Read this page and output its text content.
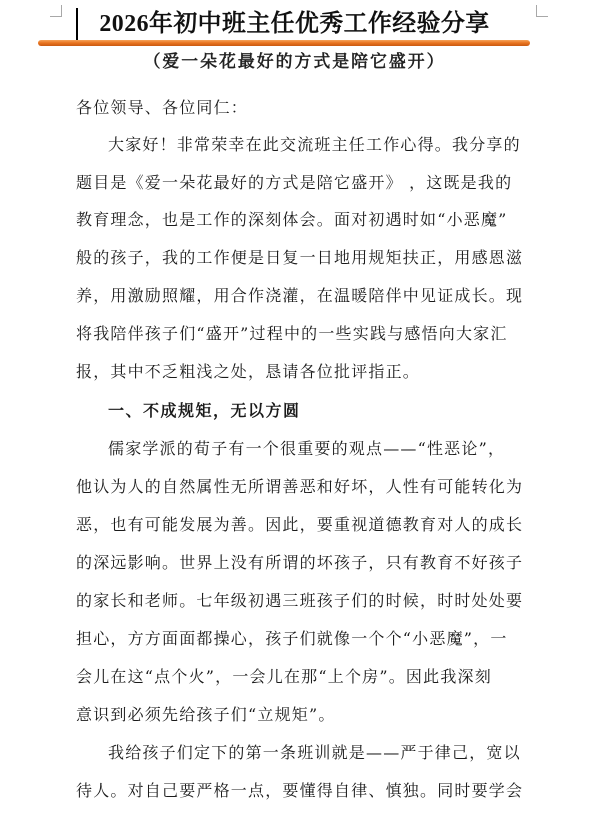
2026年初中班主任优秀工作经验分享
（爱一朵花最好的方式是陪它盛开）
各位领导、各位同仁：
大家好！非常荣幸在此交流班主任工作心得。我分享的
题目是《爱一朵花最好的方式是陪它盛开》 ，这既是我的
教育理念，也是工作的深刻体会。面对初遇时如“小恶魔”
般的孩子，我的工作便是日复一日地用规矩扶正，用感恩滋
养，用激励照耀，用合作浇灌，在温暖陪伴中见证成长。现
将我陪伴孩子们“盛开”过程中的一些实践与感悟向大家汇
报，其中不乏粗浅之处，恳请各位批评指正。
一、不成规矩，无以方圆
儒家学派的荀子有一个很重要的观点——“性恶论”，
他认为人的自然属性无所谓善恶和好坏，人性有可能转化为
恶，也有可能发展为善。因此，要重视道德教育对人的成长
的深远影响。世界上没有所谓的坏孩子，只有教育不好孩子
的家长和老师。七年级初遇三班孩子们的时候，时时处处要
担心，方方面面都操心，孩子们就像一个个“小恶魔”，一
会儿在这“点个火”，一会儿在那“上个房”。因此我深刻
意识到必须先给孩子们“立规矩”。
我给孩子们定下的第一条班训就是——严于律己，宽以
待人。对自己要严格一点，要懂得自律、慎独。同时要学会
